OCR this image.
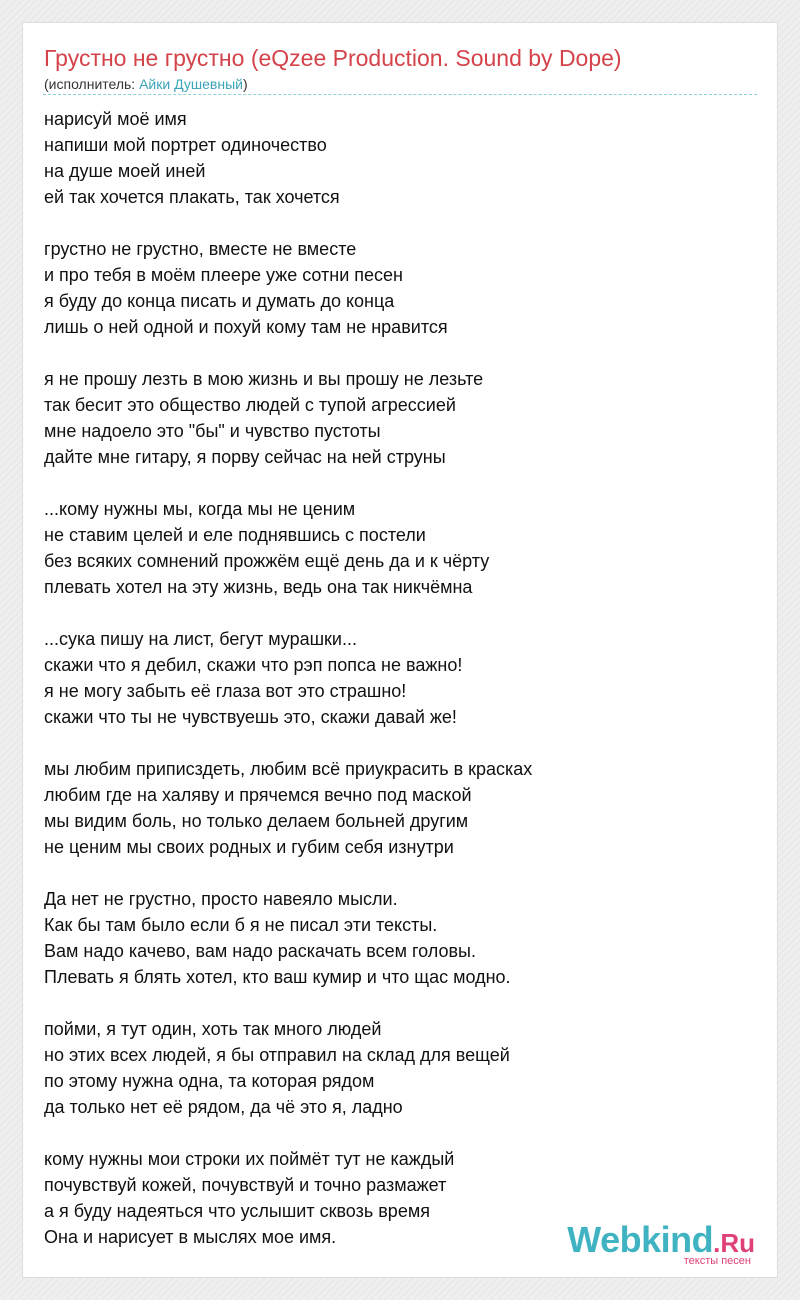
Грустно не грустно (eQzee Production. Sound by Dope)
(исполнитель: Айки Душевный)
нарисуй моё имя
напиши мой портрет одиночество
на душе моей иней
ей так хочется плакать, так хочется
грустно не грустно, вместе не вместе
и про тебя в моём плеере уже сотни песен
я буду до конца писать и думать до конца
лишь о ней одной и похуй кому там не нравится
я не прошу лезть в мою жизнь и вы прошу не лезьте
так бесит это общество людей с тупой агрессией
мне надоело это "бы" и чувство пустоты
дайте мне гитару, я порву сейчас на ней струны
...кому нужны мы, когда мы не ценим
не ставим целей и еле поднявшись с постели
без всяких сомнений прожжём ещё день да и к чёрту
плевать хотел на эту жизнь, ведь она так никчёмна
...сука пишу на лист, бегут мурашки...
скажи что я дебил, скажи что рэп попса не важно!
я не могу забыть её глаза вот это страшно!
скажи что ты не чувствуешь это, скажи давай же!
мы любим приписздеть, любим всё приукрасить в красках
любим где на халяву и прячемся вечно под маской
мы видим боль, но только делаем больней другим
не ценим мы своих родных и губим себя изнутри
Да нет не грустно, просто навеяло мысли.
Как бы там было если б я не писал эти тексты.
Вам надо качево, вам надо раскачать всем головы.
Плевать я блять хотел, кто ваш кумир и что щас модно.
пойми, я тут один, хоть так много людей
но этих всех людей, я бы отправил на склад для вещей
по этому нужна одна, та которая рядом
да только нет её рядом, да чё это я, ладно
кому нужны мои строки их поймёт тут не каждый
почувствуй кожей, почувствуй и точно размажет
а я буду надеяться что услышит сквозь время
Она и нарисует в мыслях мое имя.	Webkind.Ru
тексты песен
